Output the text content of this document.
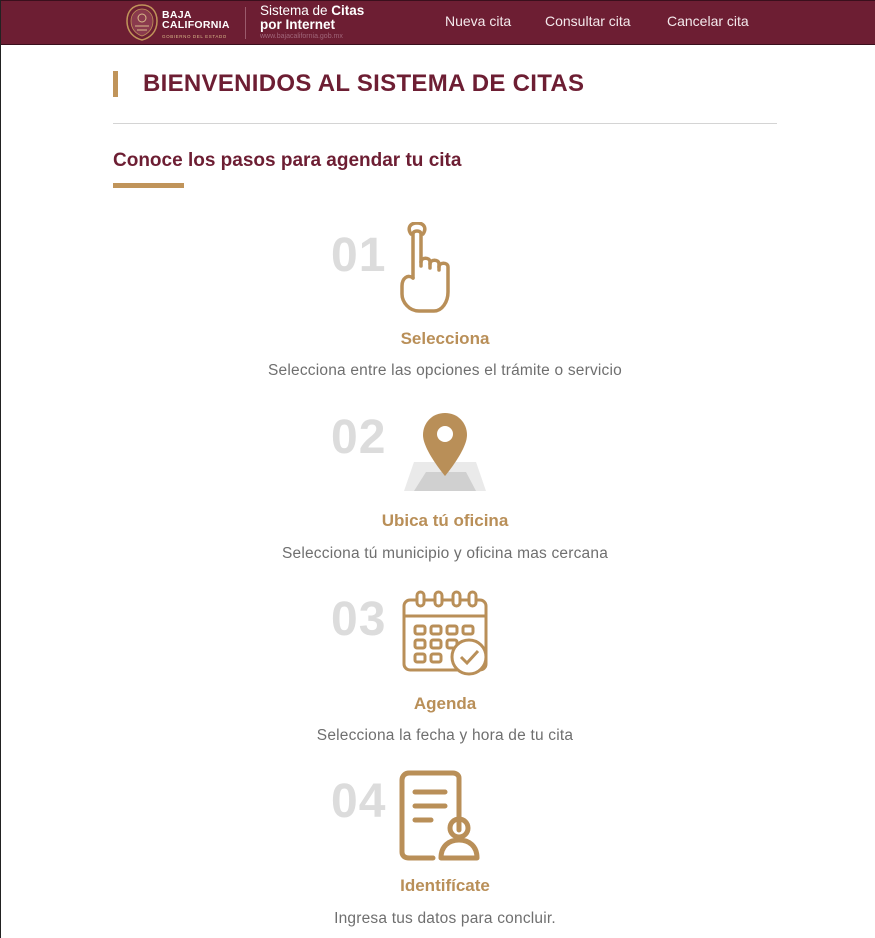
BAJA
CALIFORNIA
GOBIERNO DEL ESTADO
Sistema de Citas
por Internet
www.bajacalifornia.gob.mx
Nueva cita Consultar cita	Cancelar cita
BIENVENIDOS AL SISTEMA DE CITAS
Conoce los pasos para agendar tu cita
01
Selecciona
Selecciona entre las opciones el trámite o servicio
02
Ubica tú oficina
Selecciona tú municipio y oficina mas cercana
03
Agenda
Selecciona la fecha y hora de tu cita
04
Identifícate
Ingresa tus datos para concluir.
